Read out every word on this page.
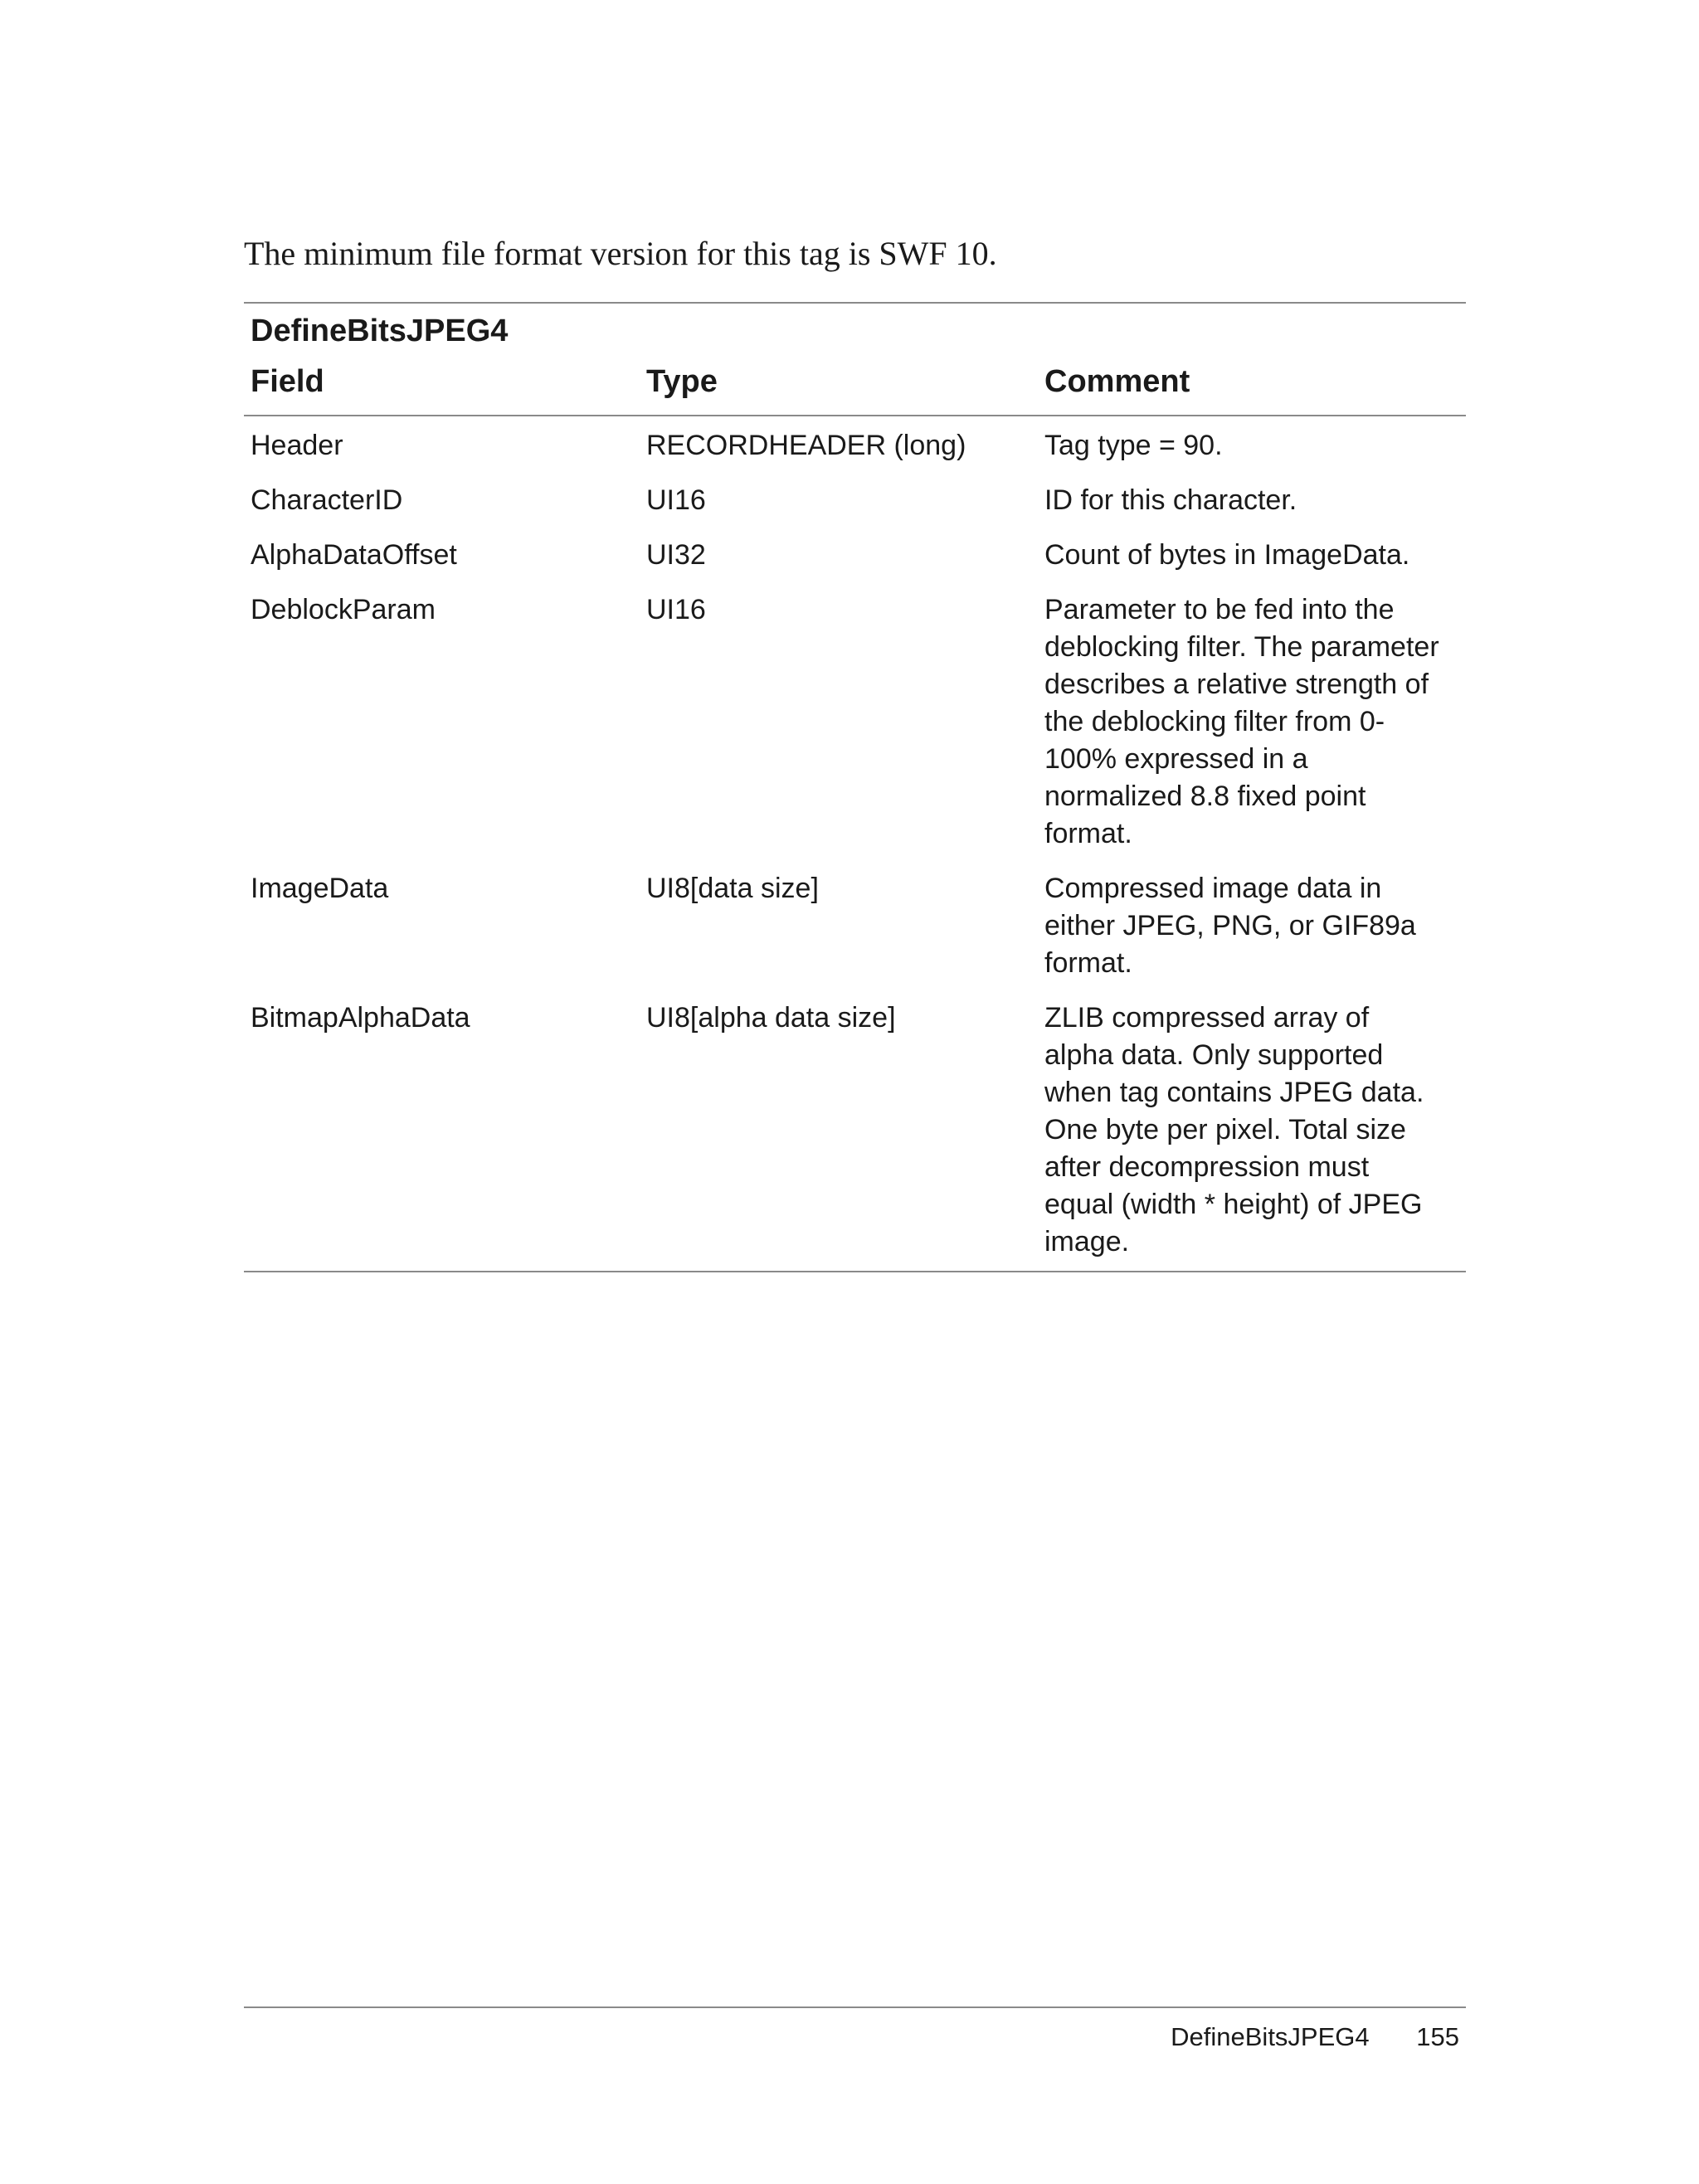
The minimum file format version for this tag is SWF 10.
DefineBitsJPEG4
Field	Type	Comment
Header	RECORDHEADER (long)	Tag type = 90.
CharacterID	UI16	ID for this character.
AlphaDataOffset	UI32	Count of bytes in ImageData.
DeblockParam	UI16	Parameter to be fed into the
deblocking filter. The parameter
describes a relative strength of
the deblocking filter from 0-
100% expressed in a
normalized 8.8 fixed point
format.
ImageData	UI8[data size]	Compressed image data in
either JPEG, PNG, or GIF89a
format.
BitmapAlphaData	UI8[alpha data size]	ZLIB compressed array of
alpha data. Only supported
when tag contains JPEG data.
One byte per pixel. Total size
after decompression must
equal (width * height) of JPEG
image.
DefineBitsJPEG4 155
